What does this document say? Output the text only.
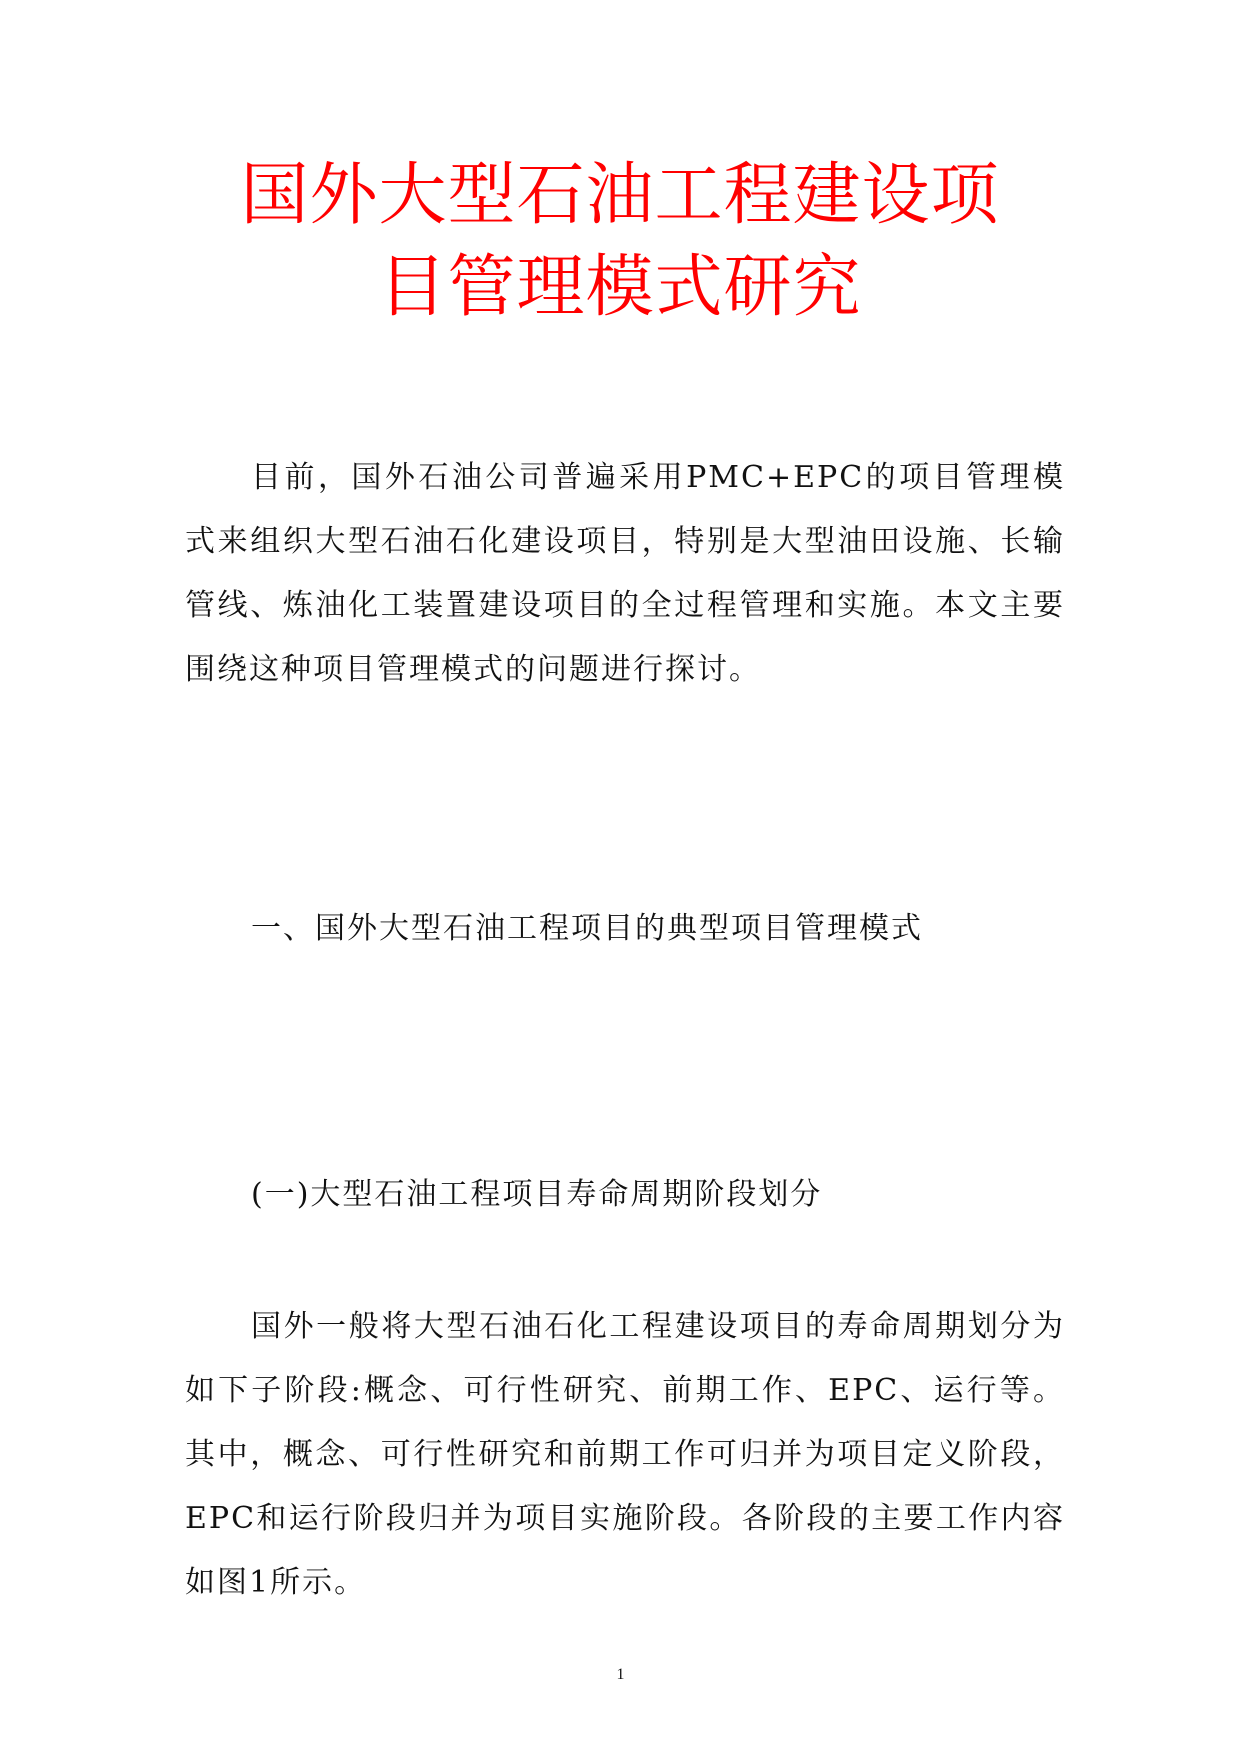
国外大型石油工程建设项
目管理模式研究

目前，国外石油公司普遍采用PMC+EPC的项目管理模式来组织大型石油石化建设项目，特别是大型油田设施、长输管线、炼油化工装置建设项目的全过程管理和实施。本文主要围绕这种项目管理模式的问题进行探讨。

一、国外大型石油工程项目的典型项目管理模式

(一)大型石油工程项目寿命周期阶段划分

国外一般将大型石油石化工程建设项目的寿命周期划分为如下子阶段:概念、可行性研究、前期工作、EPC、运行等。其中，概念、可行性研究和前期工作可归并为项目定义阶段，EPC和运行阶段归并为项目实施阶段。各阶段的主要工作内容如图1所示。

1
